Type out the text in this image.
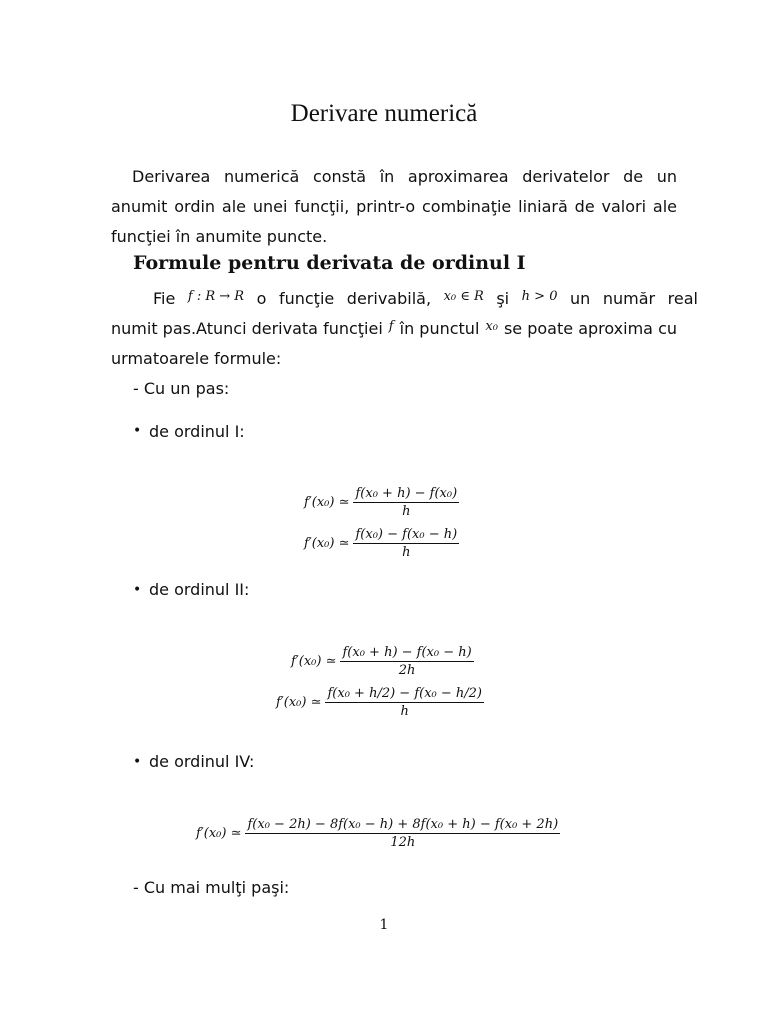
Derivare numerică

Derivarea numerică constă în aproximarea derivatelor de un anumit ordin ale unei funcţii, printr-o combinaţie liniară de valori ale funcţiei în anumite puncte.

Formule pentru derivata de ordinul I
Fie f : R → R o funcţie derivabilă, x₀ ∈ R şi h > 0 un număr real
numit pas.Atunci derivata funcţiei f în punctul x₀ se poate aproxima cu
urmatoarele formule:
- Cu un pas:
• de ordinul I:
f′(x₀) ≃ $\frac{\text{f(x₀ + h) − f(x₀)}}{h}$
f′(x₀) ≃ $\frac{\text{f(x₀) − f(x₀ − h)}}{h}$
• de ordinul II:
f′(x₀) ≃ $\frac{\text{f(x₀ + h) − f(x₀ − h)}}{2h}$
f′(x₀) ≃ $\frac{\text{f(x₀ + h/2) − f(x₀ − h/2)}}{h}$
• de ordinul IV:
f′(x₀) ≃ $\frac{\text{f(x₀ − 2h) − 8f(x₀ − h) + 8f(x₀ + h) − f(x₀ + 2h)}}{12h}$
- Cu mai mulţi paşi:
1
